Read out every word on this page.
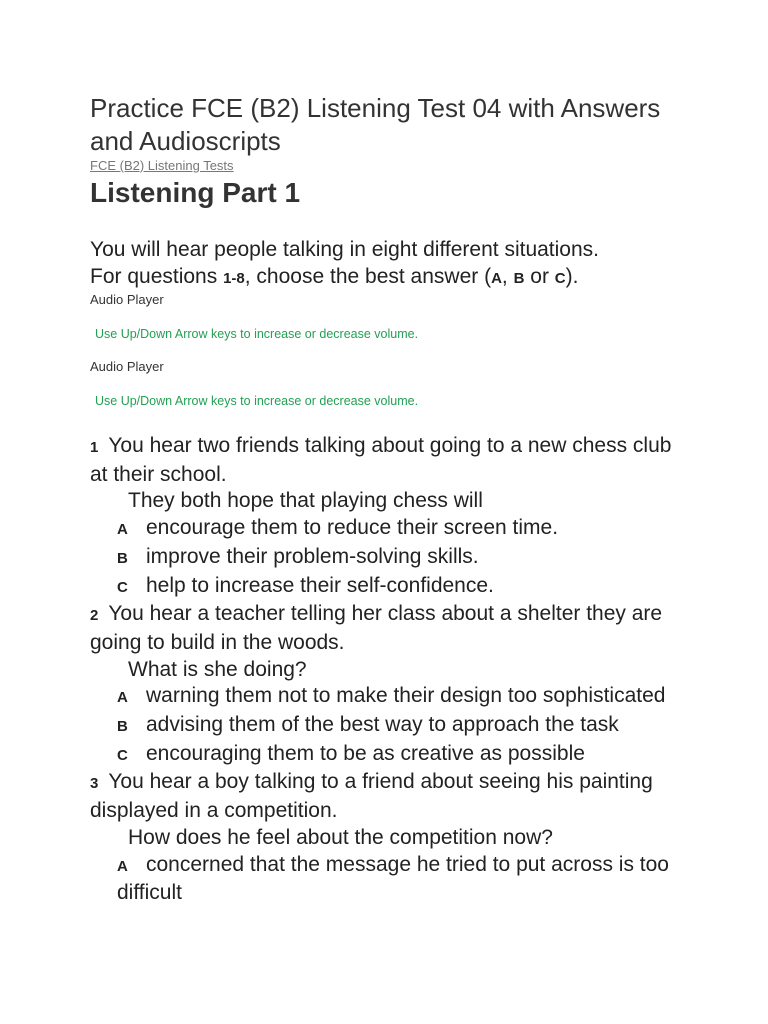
Practice FCE (B2) Listening Test 04 with Answers and Audioscripts
FCE (B2) Listening Tests
Listening Part 1
You will hear people talking in eight different situations.
For questions 1-8, choose the best answer (A, B or C).

Audio Player

Use Up/Down Arrow keys to increase or decrease volume.

Audio Player

Use Up/Down Arrow keys to increase or decrease volume.

1 You hear two friends talking about going to a new chess club at their school.

They both hope that playing chess will

A encourage them to reduce their screen time.

B improve their problem-solving skills.

C help to increase their self-confidence.

2 You hear a teacher telling her class about a shelter they are going to build in the woods.

What is she doing?

A warning them not to make their design too sophisticated

B advising them of the best way to approach the task

C encouraging them to be as creative as possible

3 You hear a boy talking to a friend about seeing his painting displayed in a competition.

How does he feel about the competition now?

A concerned that the message he tried to put across is too difficult
